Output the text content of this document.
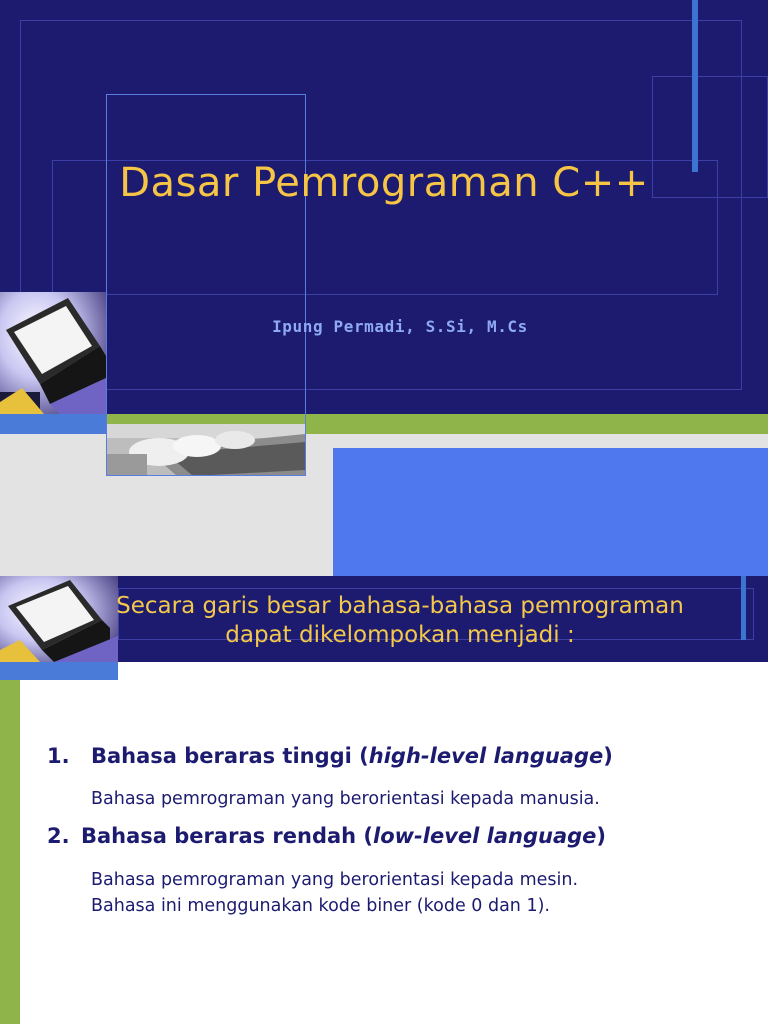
Dasar Pemrograman C++
Ipung Permadi, S.Si, M.Cs
Secara garis besar bahasa-bahasa pemrograman
dapat dikelompokan menjadi :
1. Bahasa beraras tinggi (high-level language)
Bahasa pemrograman yang berorientasi kepada manusia.
2. Bahasa beraras rendah (low-level language)
Bahasa pemrograman yang berorientasi kepada mesin.
Bahasa ini menggunakan kode biner (kode 0 dan 1).
